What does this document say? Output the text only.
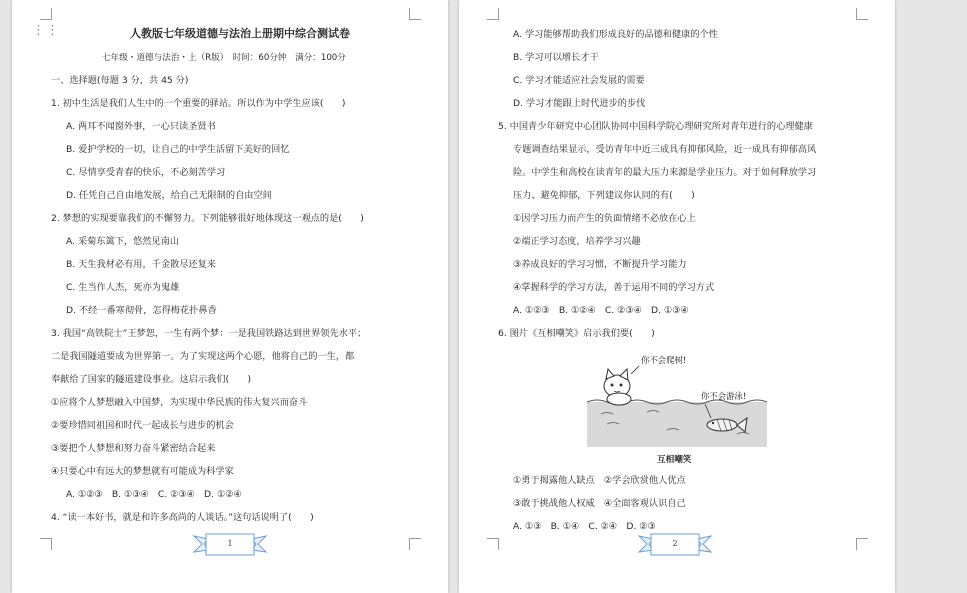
⋮⋮	人教版七年级道德与法治上册期中综合测试卷
七年级・道德与法治・上（R版）　时间：60分钟　满分：100分
一、选择题(每题 3 分，共 45 分)
1. 初中生活是我们人生中的一个重要的驿站。所以作为中学生应该(　　)
A. 两耳不闻窗外事，一心只读圣贤书
B. 爱护学校的一切，让自己的中学生活留下美好的回忆
C. 尽情享受青春的快乐，不必刻苦学习
D. 任凭自己自由地发展，给自己无限制的自由空间
2. 梦想的实现要靠我们的不懈努力。下列能够很好地体现这一观点的是(　　)
A. 采菊东篱下，悠然见南山
B. 天生我材必有用，千金散尽还复来
C. 生当作人杰，死亦为鬼雄
D. 不经一番寒彻骨，怎得梅花扑鼻香
3. 我国“高铁院士”王梦恕，一生有两个梦：一是我国铁路达到世界领先水平；
二是我国隧道要成为世界第一。为了实现这两个心愿，他将自己的一生，都
奉献给了国家的隧道建设事业。这启示我们(　　)
①应将个人梦想融入中国梦，为实现中华民族的伟大复兴而奋斗
②要珍惜同祖国和时代一起成长与进步的机会
③要把个人梦想和努力奋斗紧密结合起来
④只要心中有远大的梦想就有可能成为科学家
A. ①②③　B. ①③④　C. ②③④　D. ①②④
4. “读一本好书，就是和许多高尚的人谈话。”这句话说明了(　　)
1
A. 学习能够帮助我们形成良好的品德和健康的个性
B. 学习可以增长才干
C. 学习才能适应社会发展的需要
D. 学习才能跟上时代进步的步伐
5. 中国青少年研究中心团队协同中国科学院心理研究所对青年进行的心理健康
专题调查结果显示，受访青年中近三成具有抑郁风险，近一成具有抑郁高风
险。中学生和高校在读青年的最大压力来源是学业压力。对于如何释放学习
压力、避免抑郁，下列建议你认同的有(　　)
①因学习压力而产生的负面情绪不必放在心上
②端正学习态度，培养学习兴趣
③养成良好的学习习惯，不断提升学习能力
④掌握科学的学习方法，善于运用不同的学习方式
A. ①②③　B. ①②④　C. ②③④　D. ①③④
6. 图片《互相嘲笑》启示我们要(　　)
你不会爬树!
你不会游泳!
互相嘲笑
①勇于揭露他人缺点　②学会欣赏他人优点
③敢于挑战他人权威　④全面客观认识自己
A. ①③　B. ①④　C. ②④　D. ②③
2
